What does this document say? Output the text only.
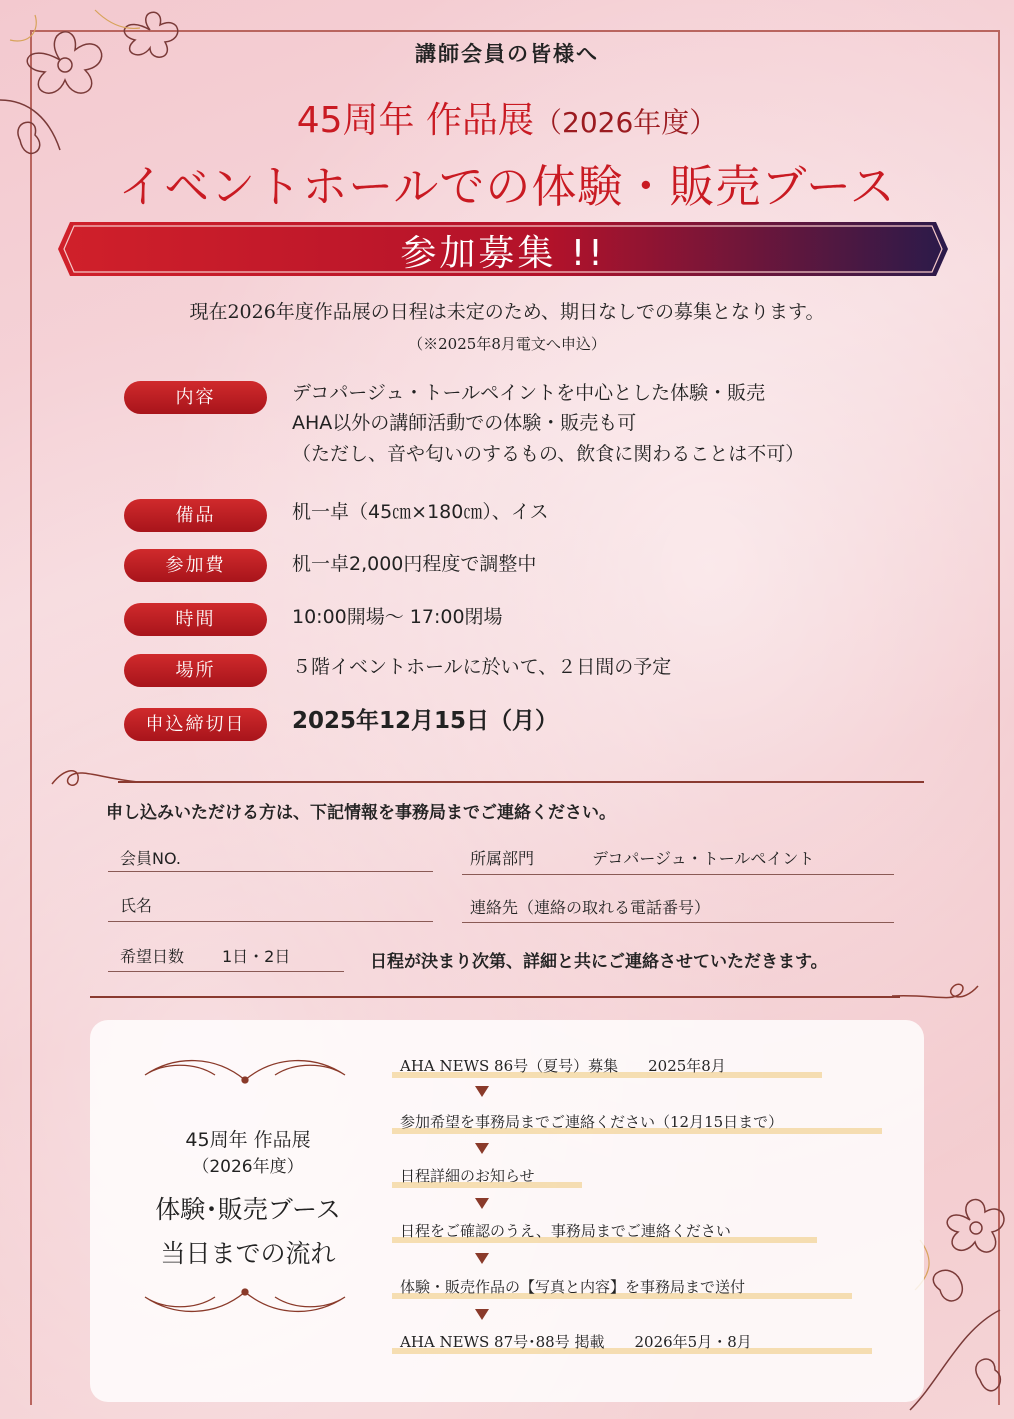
講師会員の皆様へ
45周年 作品展（2026年度）
イベントホールでの体験・販売ブース
参加募集 !!
現在2026年度作品展の日程は未定のため、期日なしでの募集となります。
（※2025年8月電文へ申込）
内容	デコパージュ・トールペイントを中心とした体験・販売
AHA以外の講師活動での体験・販売も可
（ただし、音や匂いのするもの、飲食に関わることは不可）
備品	机一卓（45㎝×180㎝）、イス
参加費	机一卓2,000円程度で調整中
時間	10:00開場～ 17:00閉場
場所	５階イベントホールに於いて、２日間の予定
申込締切日	2025年12月15日（月）
申し込みいただける方は、下記情報を事務局までご連絡ください。
会員NO.	所属部門	デコパージュ・トールペイント
氏名	連絡先（連絡の取れる電話番号）
希望日数 1日・2日	日程が決まり次第、詳細と共にご連絡させていただきます。
45周年 作品展
（2026年度）
体験･販売ブース
当日までの流れ
AHA NEWS 86号（夏号）募集　　2025年8月
参加希望を事務局までご連絡ください（12月15日まで）
日程詳細のお知らせ
日程をご確認のうえ、事務局までご連絡ください
体験・販売作品の【写真と内容】を事務局まで送付
AHA NEWS 87号･88号 掲載　　2026年5月・8月
